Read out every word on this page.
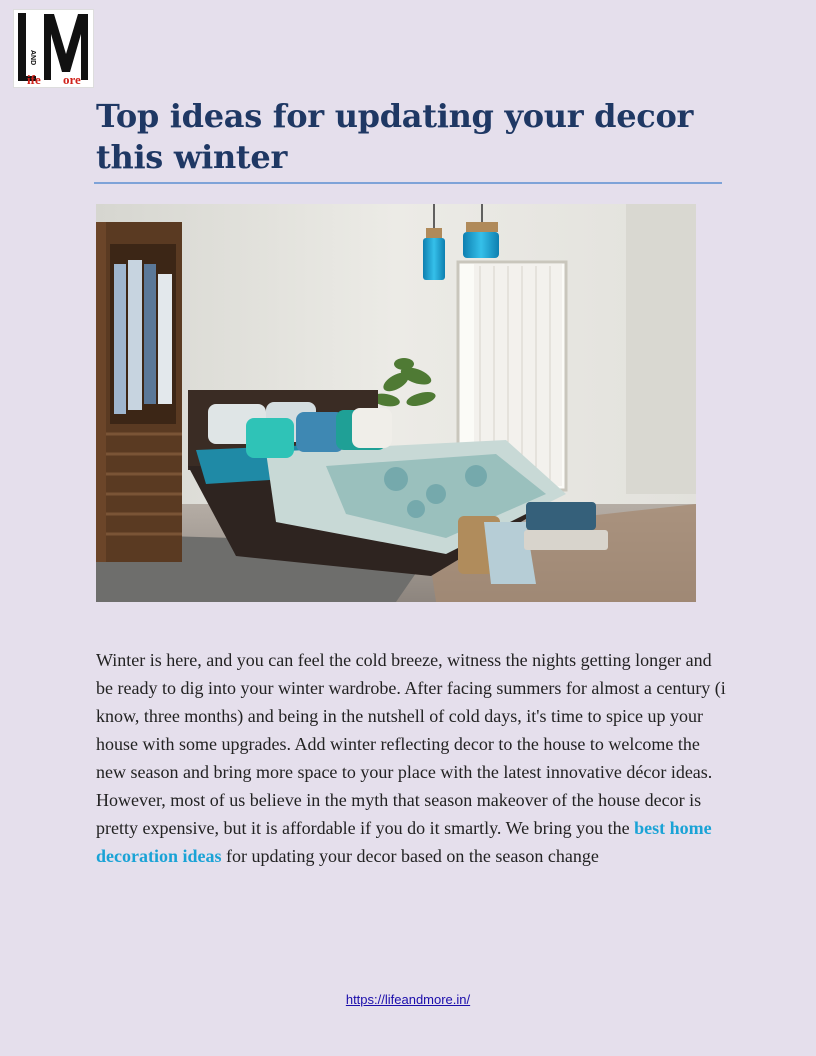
AND
ife ore
Top ideas for updating your decor this winter

Winter is here, and you can feel the cold breeze, witness the nights getting longer and be ready to dig into your winter wardrobe. After facing summers for almost a century (i know, three months) and being in the nutshell of cold days, it's time to spice up your house with some upgrades. Add winter reflecting decor to the house to welcome the new season and bring more space to your place with the latest innovative décor ideas. However, most of us believe in the myth that season makeover of the house decor is pretty expensive, but it is affordable if you do it smartly. We bring you the best home decoration ideas for updating your decor based on the season change

https://lifeandmore.in/
